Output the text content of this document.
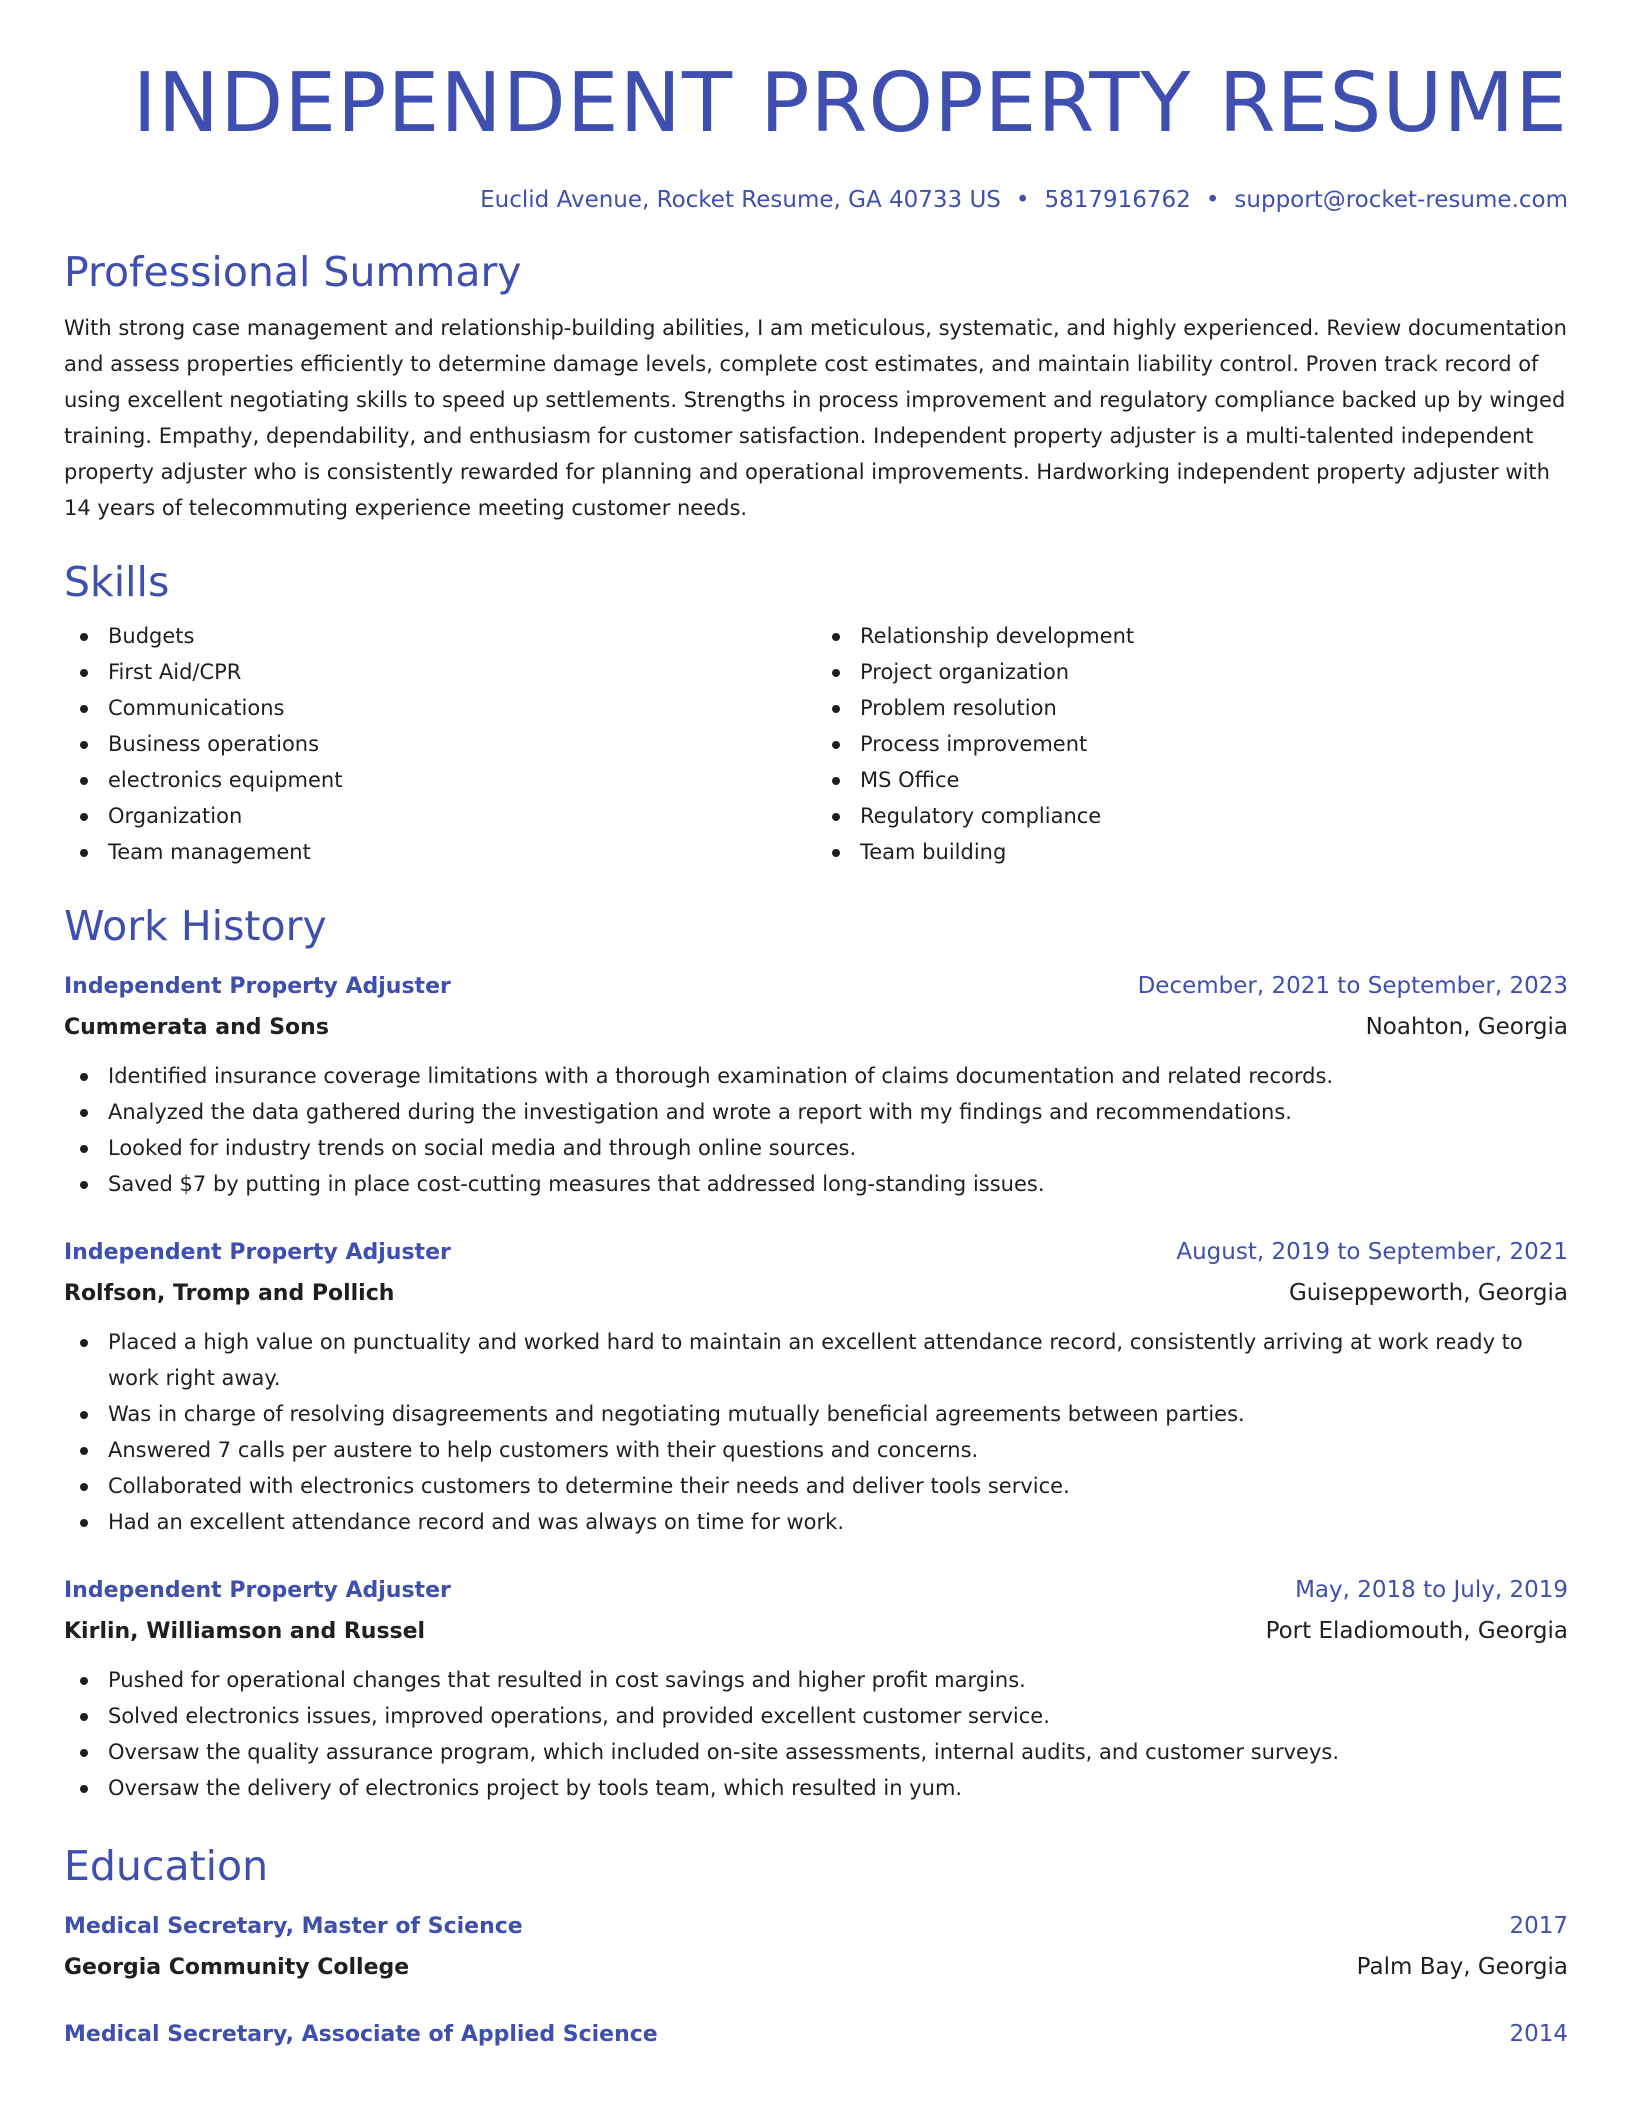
INDEPENDENT PROPERTY RESUME
Euclid Avenue, Rocket Resume, GA 40733 US • 5817916762 • support@rocket-resume.com
Professional Summary

With strong case management and relationship-building abilities, I am meticulous, systematic, and highly experienced. Review documentation and assess properties efficiently to determine damage levels, complete cost estimates, and maintain liability control. Proven track record of using excellent negotiating skills to speed up settlements. Strengths in process improvement and regulatory compliance backed up by winged training. Empathy, dependability, and enthusiasm for customer satisfaction. Independent property adjuster is a multi-talented independent property adjuster who is consistently rewarded for planning and operational improvements. Hardworking independent property adjuster with 14 years of telecommuting experience meeting customer needs.

Skills
Budgets
First Aid/CPR
Communications
Business operations
electronics equipment
Organization
Team management
Relationship development
Project organization
Problem resolution
Process improvement
MS Office
Regulatory compliance
Team building
Work History
Independent Property Adjuster	December, 2021 to September, 2023
Cummerata and Sons	Noahton, Georgia
Identified insurance coverage limitations with a thorough examination of claims documentation and related records.
Analyzed the data gathered during the investigation and wrote a report with my findings and recommendations.
Looked for industry trends on social media and through online sources.
Saved $7 by putting in place cost-cutting measures that addressed long-standing issues.
Independent Property Adjuster	August, 2019 to September, 2021
Rolfson, Tromp and Pollich	Guiseppeworth, Georgia
Placed a high value on punctuality and worked hard to maintain an excellent attendance record, consistently arriving at work ready to work right away.
Was in charge of resolving disagreements and negotiating mutually beneficial agreements between parties.
Answered 7 calls per austere to help customers with their questions and concerns.
Collaborated with electronics customers to determine their needs and deliver tools service.
Had an excellent attendance record and was always on time for work.
Independent Property Adjuster	May, 2018 to July, 2019
Kirlin, Williamson and Russel	Port Eladiomouth, Georgia
Pushed for operational changes that resulted in cost savings and higher profit margins.
Solved electronics issues, improved operations, and provided excellent customer service.
Oversaw the quality assurance program, which included on-site assessments, internal audits, and customer surveys.
Oversaw the delivery of electronics project by tools team, which resulted in yum.
Education
Medical Secretary, Master of Science	2017
Georgia Community College	Palm Bay, Georgia
Medical Secretary, Associate of Applied Science	2014
